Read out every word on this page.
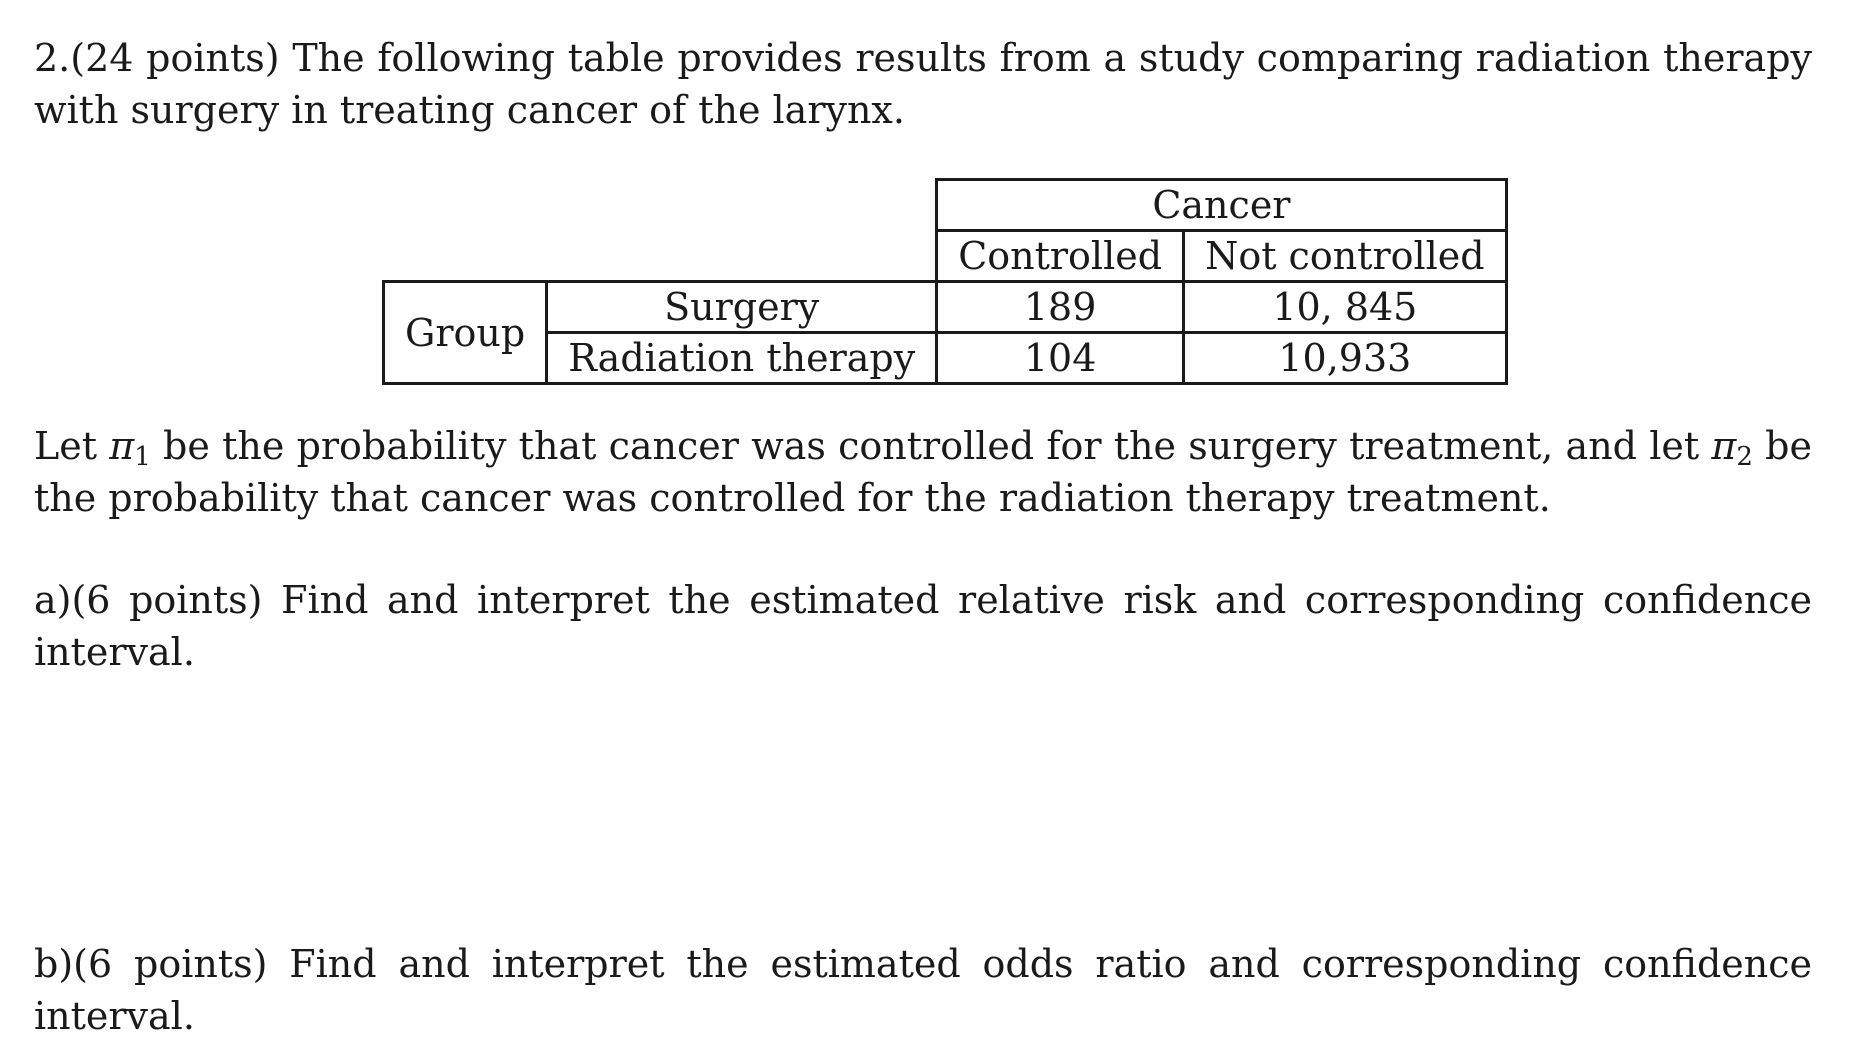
2.(24 points) The following table provides results from a study comparing radiation therapy with surgery in treating cancer of the larynx.

		Cancer	
		Controlled	Not controlled
Group	Surgery	189	10, 845
	Radiation therapy	104	10,933

Let $\pi_1$ be the probability that cancer was controlled for the surgery treatment, and let $\pi_2$ be the probability that cancer was controlled for the radiation therapy treatment.

a)(6 points) Find and interpret the estimated relative risk and corresponding confidence interval.

b)(6 points) Find and interpret the estimated odds ratio and corresponding confidence interval.
